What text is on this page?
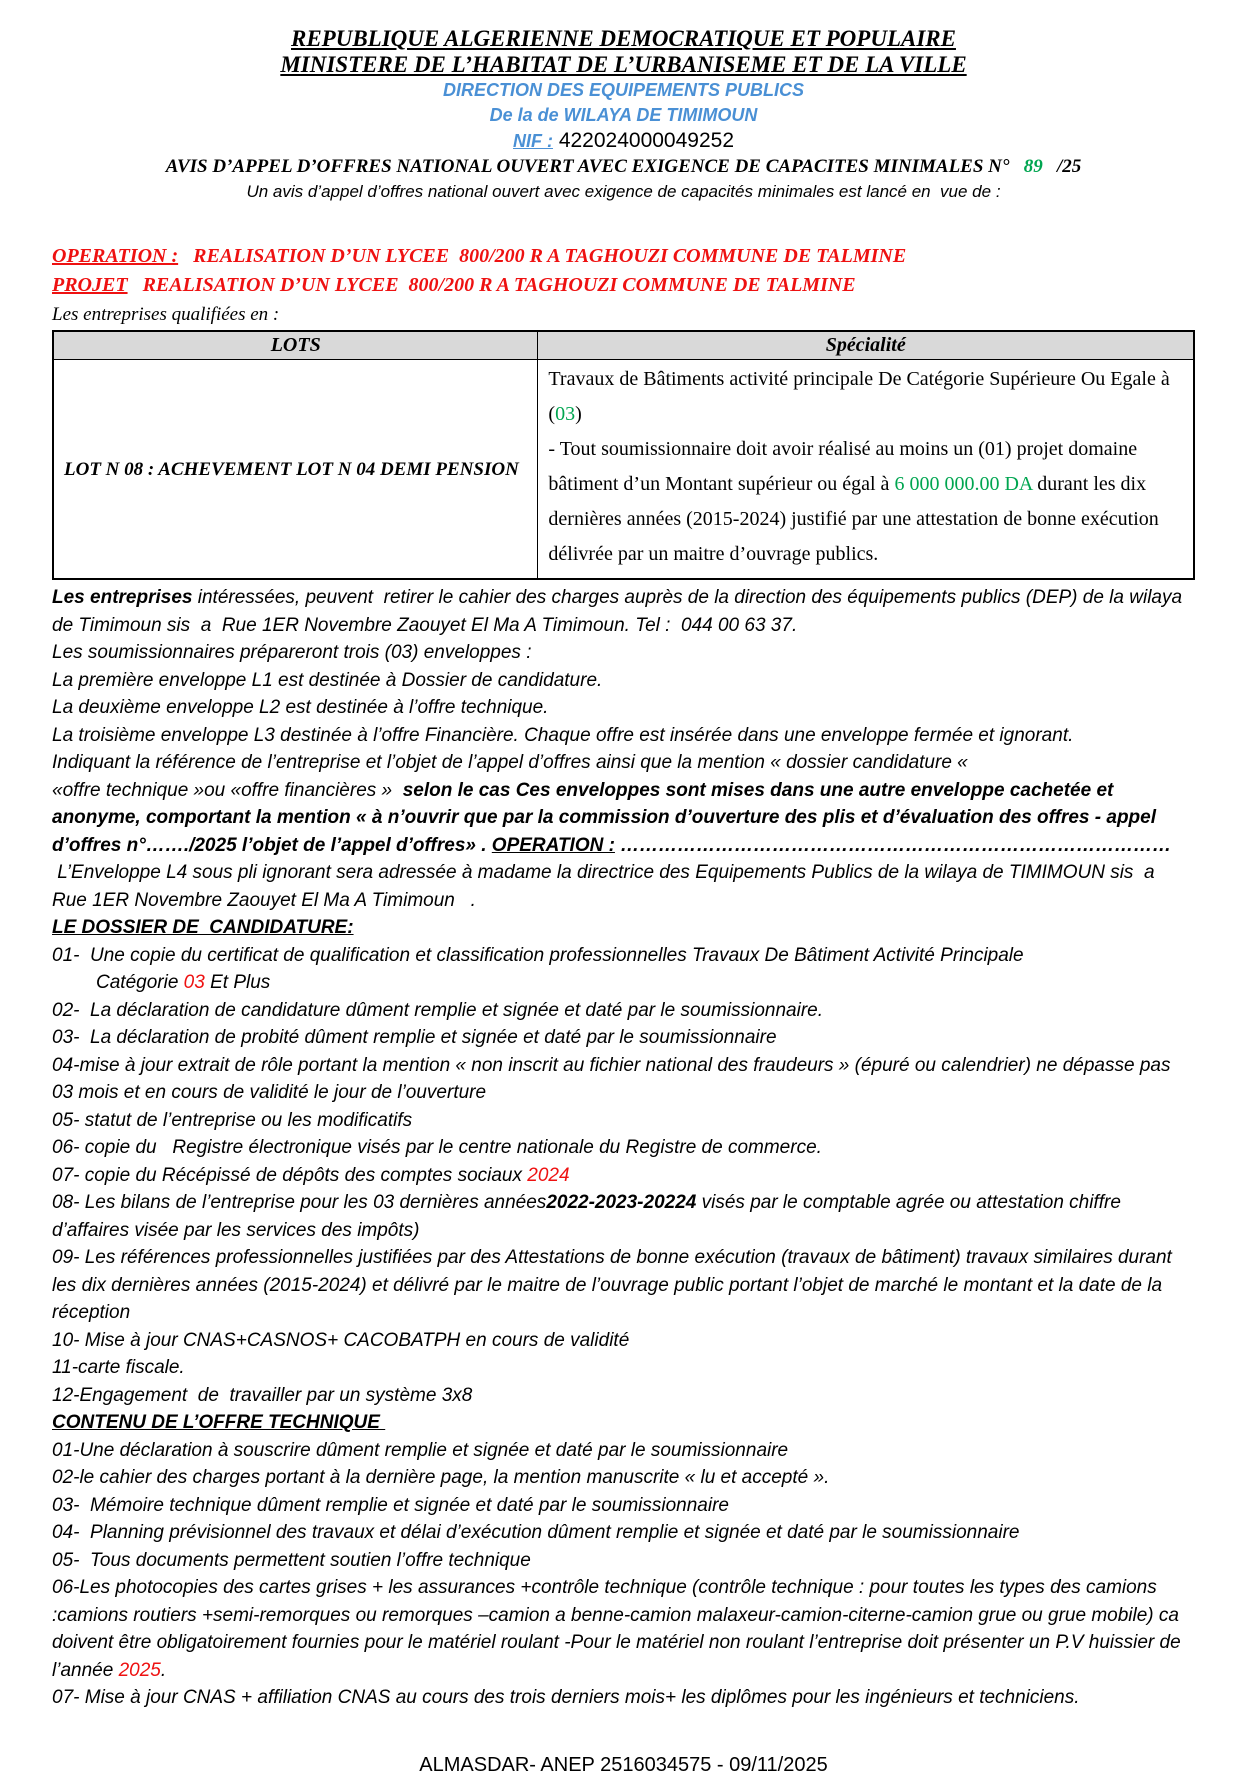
REPUBLIQUE ALGERIENNE DEMOCRATIQUE ET POPULAIRE
MINISTERE DE L’HABITAT DE L’URBANISEME ET DE LA VILLE
DIRECTION DES EQUIPEMENTS PUBLICS
De la de WILAYA DE TIMIMOUN
NIF : 422024000049252
AVIS D’APPEL D’OFFRES NATIONAL OUVERT AVEC EXIGENCE DE CAPACITES MINIMALES N°   89   /25
Un avis d’appel d’offres national ouvert avec exigence de capacités minimales est lancé en  vue de :
OPERATION :   REALISATION D’UN LYCEE  800/200 R A TAGHOUZI COMMUNE DE TALMINE
PROJET   REALISATION D’UN LYCEE  800/200 R A TAGHOUZI COMMUNE DE TALMINE
Les entreprises qualifiées en :
LOTS	Spécialité
LOT N 08 : ACHEVEMENT LOT N 04 DEMI PENSION	Travaux de Bâtiments activité principale De Catégorie Supérieure Ou Egale à (03)
- Tout soumissionnaire doit avoir réalisé au moins un (01) projet domaine bâtiment d’un Montant supérieur ou égal à 6 000 000.00 DA durant les dix dernières années (2015-2024) justifié par une attestation de bonne exécution délivrée par un maitre d’ouvrage publics.
Les entreprises intéressées, peuvent  retirer le cahier des charges auprès de la direction des équipements publics (DEP) de la wilaya de Timimoun sis  a  Rue 1ER Novembre Zaouyet El Ma A Timimoun. Tel :  044 00 63 37.
Les soumissionnaires prépareront trois (03) enveloppes :
La première enveloppe L1 est destinée à Dossier de candidature.
La deuxième enveloppe L2 est destinée à l’offre technique.
La troisième enveloppe L3 destinée à l’offre Financière. Chaque offre est insérée dans une enveloppe fermée et ignorant.
Indiquant la référence de l’entreprise et l’objet de l’appel d’offres ainsi que la mention « dossier candidature «
«offre technique »ou «offre financières »  selon le cas Ces enveloppes sont mises dans une autre enveloppe cachetée et anonyme, comportant la mention « à n’ouvrir que par la commission d’ouverture des plis et d’évaluation des offres - appel d’offres n°……./2025 l’objet de l’appel d’offres» . OPERATION : ……………………………………………………………………………
L’Enveloppe L4 sous pli ignorant sera adressée à madame la directrice des Equipements Publics de la wilaya de TIMIMOUN sis  a  Rue 1ER Novembre Zaouyet El Ma A Timimoun   .
LE DOSSIER DE  CANDIDATURE:
01-  Une copie du certificat de qualification et classification professionnelles Travaux De Bâtiment Activité Principale
Catégorie 03 Et Plus
02-  La déclaration de candidature dûment remplie et signée et daté par le soumissionnaire.
03-  La déclaration de probité dûment remplie et signée et daté par le soumissionnaire
04-mise à jour extrait de rôle portant la mention « non inscrit au fichier national des fraudeurs » (épuré ou calendrier) ne dépasse pas 03 mois et en cours de validité le jour de l’ouverture
05- statut de l’entreprise ou les modificatifs
06- copie du   Registre électronique visés par le centre nationale du Registre de commerce.
07- copie du Récépissé de dépôts des comptes sociaux 2024
08- Les bilans de l’entreprise pour les 03 dernières années2022-2023-20224 visés par le comptable agrée ou attestation chiffre d’affaires visée par les services des impôts)
09- Les références professionnelles justifiées par des Attestations de bonne exécution (travaux de bâtiment) travaux similaires durant les dix dernières années (2015-2024) et délivré par le maitre de l’ouvrage public portant l’objet de marché le montant et la date de la réception
10- Mise à jour CNAS+CASNOS+ CACOBATPH en cours de validité
11-carte fiscale.
12-Engagement  de  travailler par un système 3x8
CONTENU DE L’OFFRE TECHNIQUE
01-Une déclaration à souscrire dûment remplie et signée et daté par le soumissionnaire
02-le cahier des charges portant à la dernière page, la mention manuscrite « lu et accepté ».
03-  Mémoire technique dûment remplie et signée et daté par le soumissionnaire
04-  Planning prévisionnel des travaux et délai d’exécution dûment remplie et signée et daté par le soumissionnaire
05-  Tous documents permettent soutien l’offre technique
06-Les photocopies des cartes grises + les assurances +contrôle technique (contrôle technique : pour toutes les types des camions :camions routiers +semi-remorques ou remorques –camion a benne-camion malaxeur-camion-citerne-camion grue ou grue mobile) ca doivent être obligatoirement fournies pour le matériel roulant -Pour le matériel non roulant l’entreprise doit présenter un P.V huissier de l’année 2025.
07- Mise à jour CNAS + affiliation CNAS au cours des trois derniers mois+ les diplômes pour les ingénieurs et techniciens.
ALMASDAR- ANEP 2516034575 - 09/11/2025
